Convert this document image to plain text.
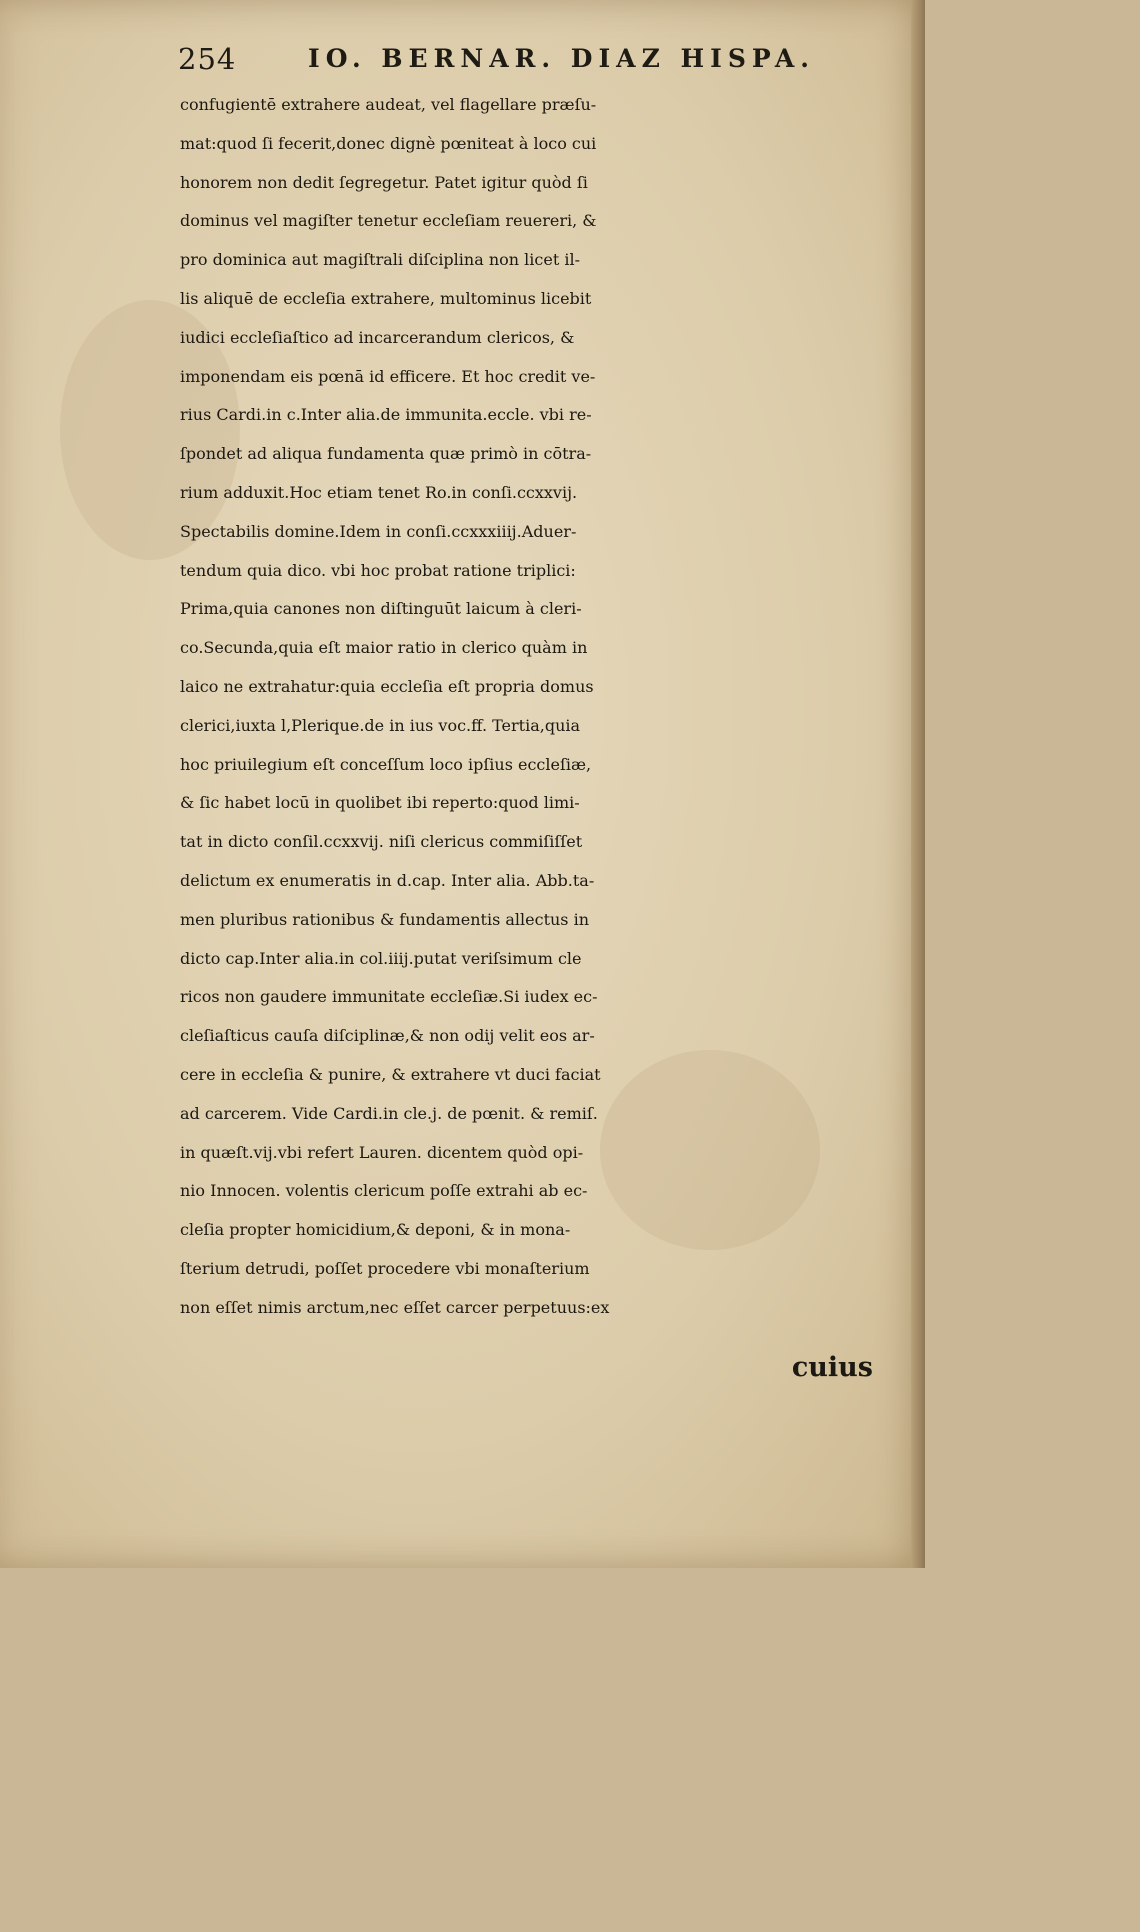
254	IO. BERNAR. DIAZ HISPA.
confugientē extrahere audeat, vel flagellare præſu-
mat:quod ſi fecerit,donec dignè pœniteat à loco cui
honorem non dedit ſegregetur. Patet igitur quòd ſi
dominus vel magiſter tenetur eccleſiam reuereri, &
pro dominica aut magiſtrali diſciplina non licet il-
lis aliquē de eccleſia extrahere, multominus licebit
iudici eccleſiaſtico ad incarcerandum clericos, &
imponendam eis pœnā id efficere. Et hoc credit ve-
rius Cardi.in c.Inter alia.de immunita.eccle. vbi re-
ſpondet ad aliqua fundamenta quæ primò in cōtra-
rium adduxit.Hoc etiam tenet Ro.in conſi.ccxxvij.
Spectabilis domine.Idem in conſi.ccxxxiiij.Aduer-
tendum quia dico. vbi hoc probat ratione triplici:
Prima,quia canones non diſtinguūt laicum à cleri-
co.Secunda,quia eſt maior ratio in clerico quàm in
laico ne extrahatur:quia eccleſia eſt propria domus
clerici,iuxta l,Plerique.de in ius voc.ff. Tertia,quia
hoc priuilegium eſt conceſſum loco ipſius eccleſiæ,
& ſic habet locū in quolibet ibi reperto:quod limi-
tat in dicto conſil.ccxxvij. niſi clericus commiſiſſet
delictum ex enumeratis in d.cap. Inter alia. Abb.ta-
men pluribus rationibus & fundamentis allectus in
dicto cap.Inter alia.in col.iiij.putat veriſsimum cle
ricos non gaudere immunitate eccleſiæ.Si iudex ec-
cleſiaſticus cauſa diſciplinæ,& non odij velit eos ar-
cere in eccleſia & punire, & extrahere vt duci faciat
ad carcerem. Vide Cardi.in cle.j. de pœnit. & remiſ.
in quæſt.vij.vbi refert Lauren. dicentem quòd opi-
nio Innocen. volentis clericum poſſe extrahi ab ec-
cleſia propter homicidium,& deponi, & in mona-
ſterium detrudi, poſſet procedere vbi monaſterium
non eſſet nimis arctum,nec eſſet carcer perpetuus:ex
cuius
